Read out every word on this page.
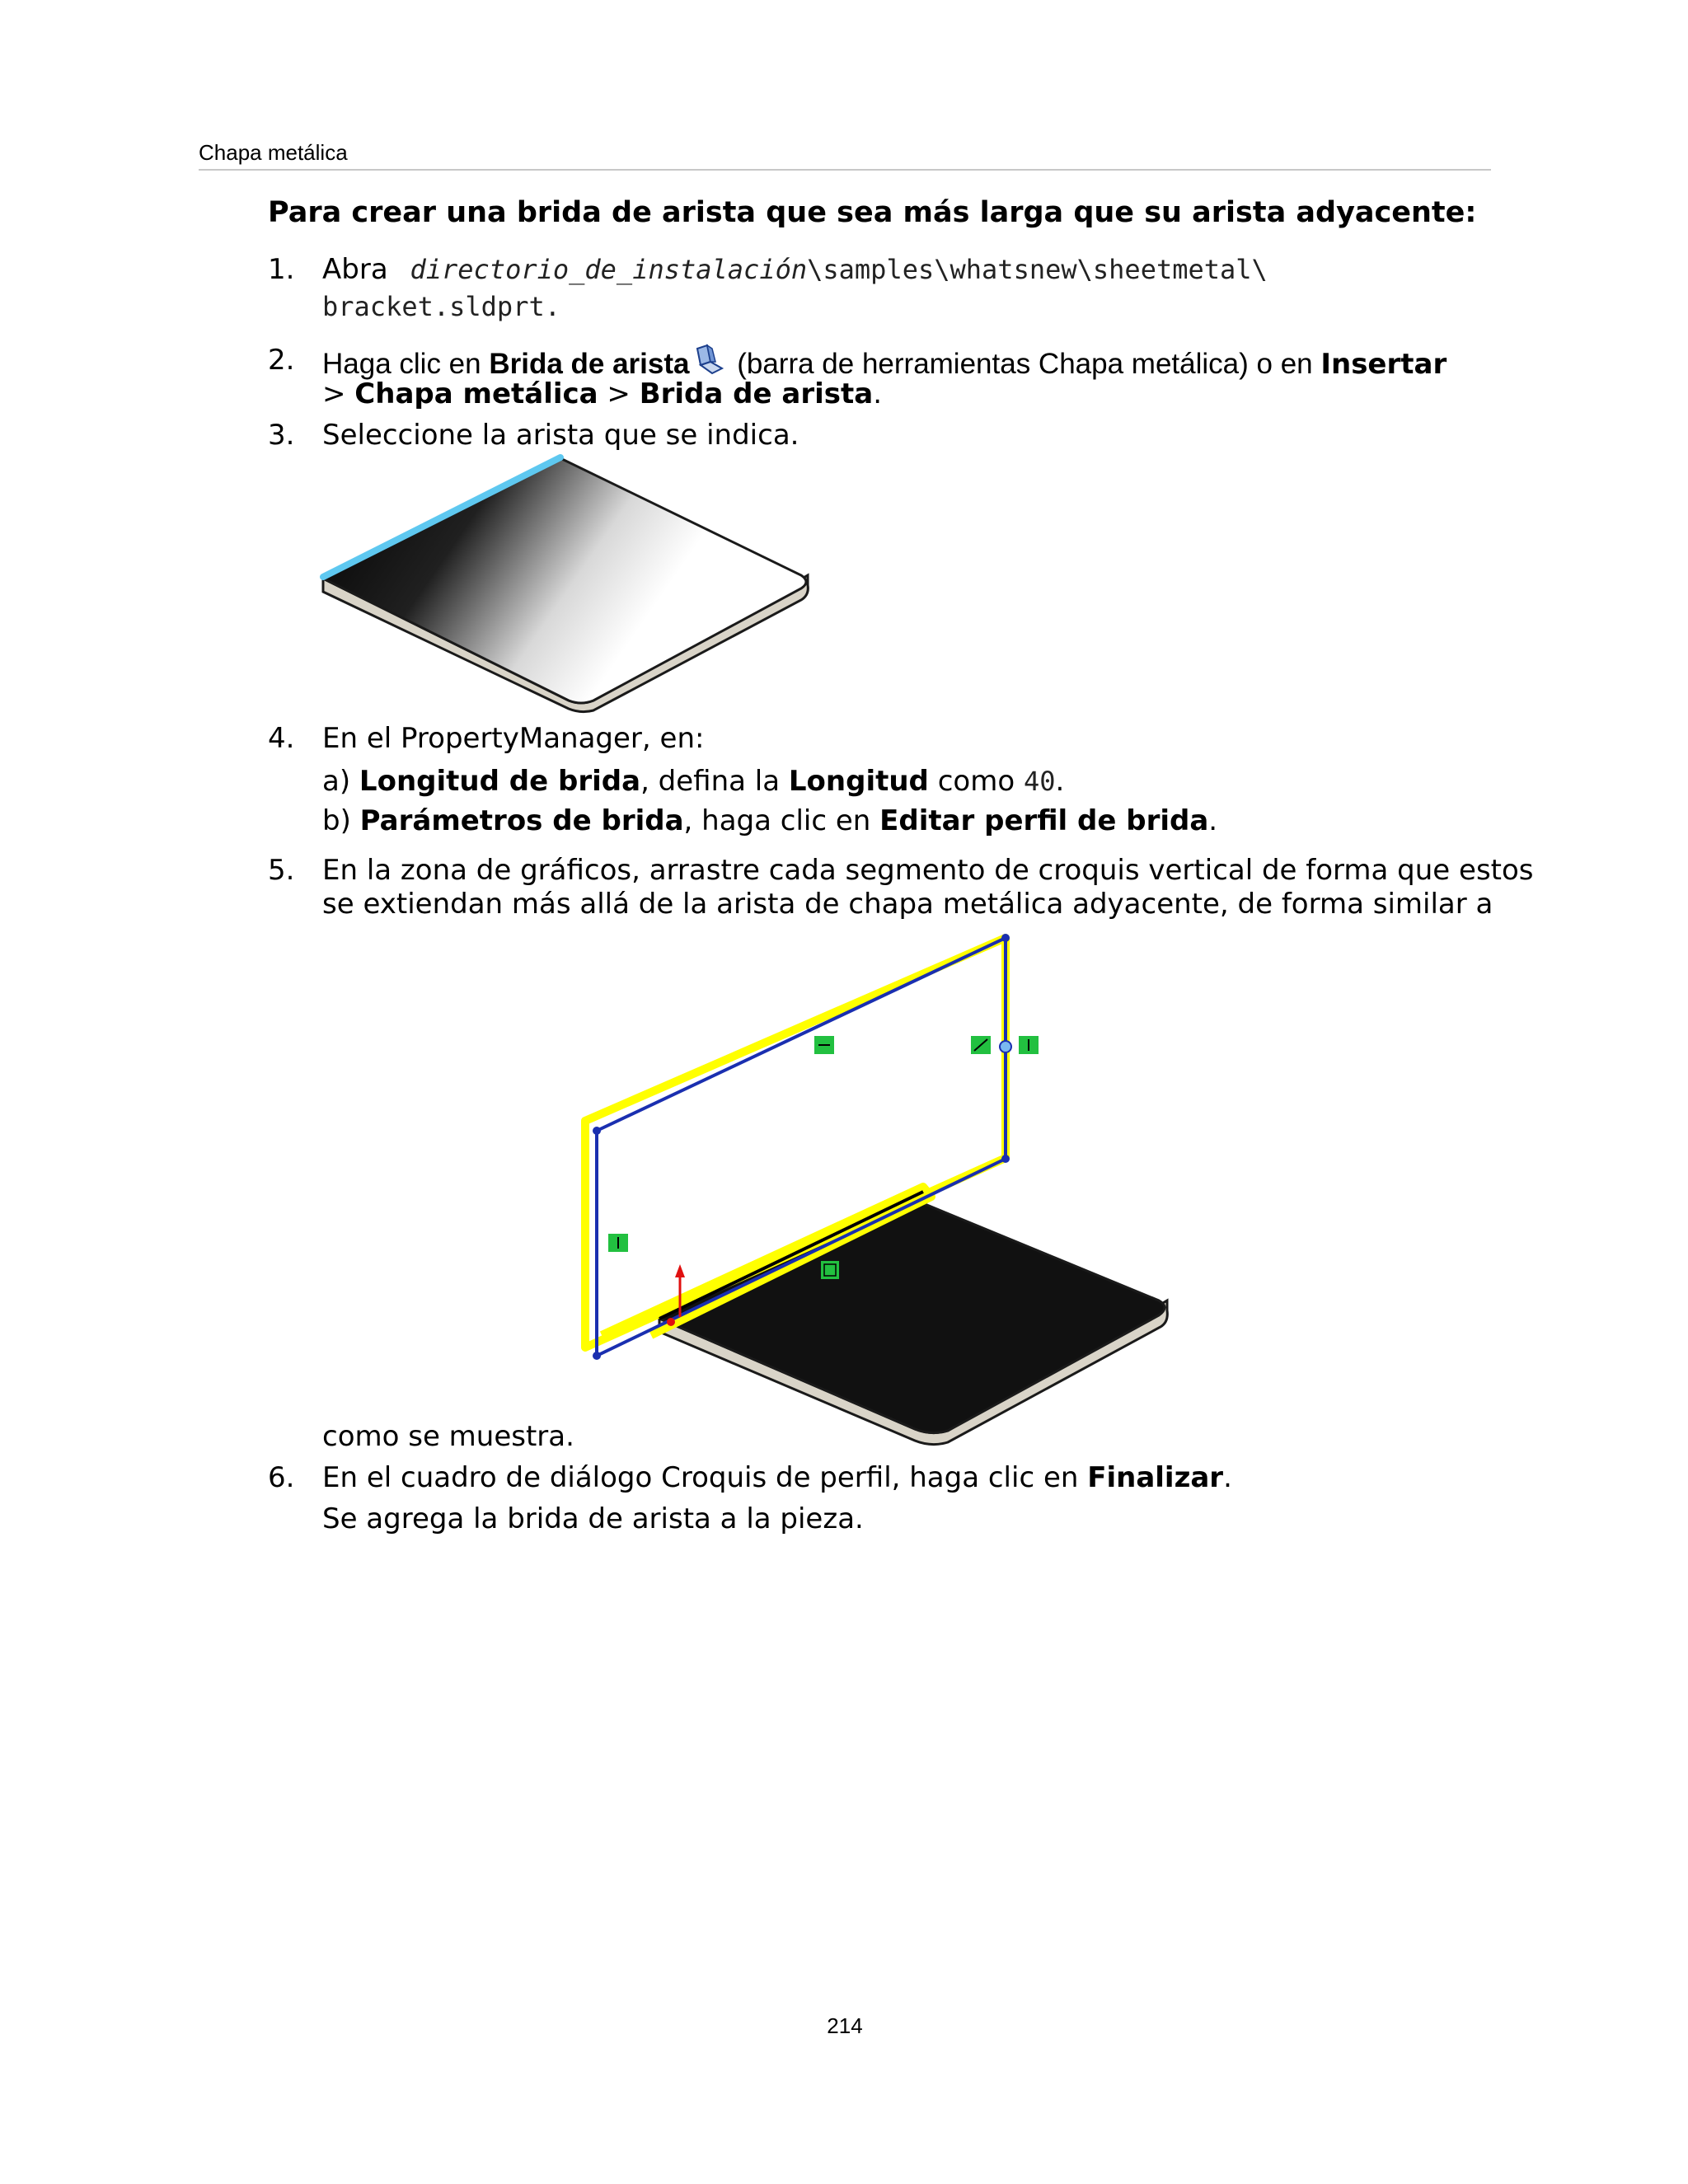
Chapa metálica
Para crear una brida de arista que sea más larga que su arista adyacente:
1. Abra directorio_de_instalación\samples\whatsnew\sheetmetal\
bracket.sldprt.
2. Haga clic en Brida de arista (barra de herramientas Chapa metálica) o en Insertar
> Chapa metálica > Brida de arista.
3. Seleccione la arista que se indica.
4. En el PropertyManager, en:
a) Longitud de brida, defina la Longitud como 40.
b) Parámetros de brida, haga clic en Editar perfil de brida.
5. En la zona de gráficos, arrastre cada segmento de croquis vertical de forma que estos
se extiendan más allá de la arista de chapa metálica adyacente, de forma similar a
como se muestra.
6. En el cuadro de diálogo Croquis de perfil, haga clic en Finalizar.
Se agrega la brida de arista a la pieza.
214
